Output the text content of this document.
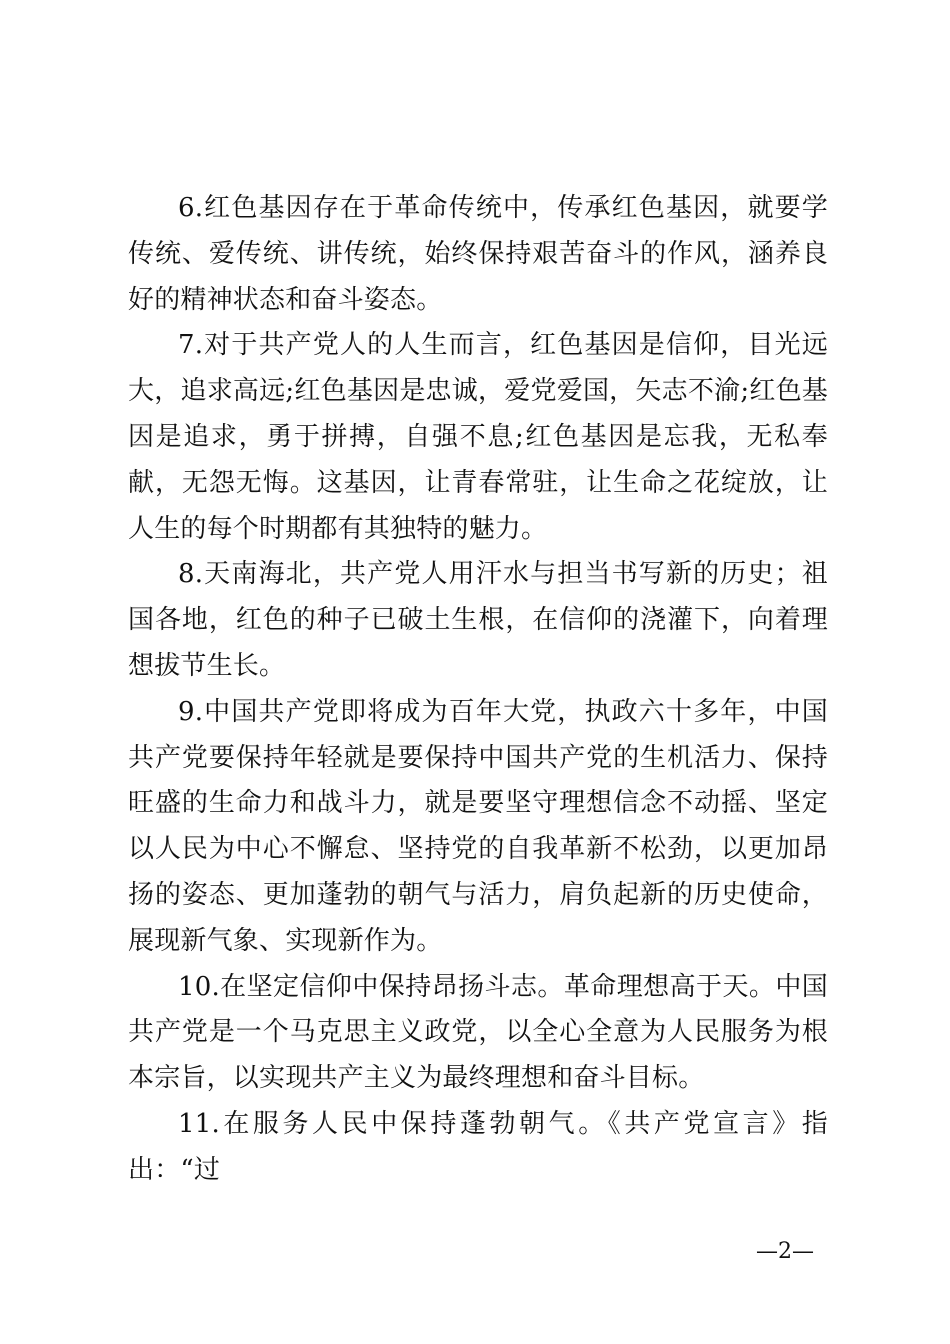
6.红色基因存在于革命传统中，传承红色基因，就要学传统、爱传统、讲传统，始终保持艰苦奋斗的作风，涵养良好的精神状态和奋斗姿态。

7.对于共产党人的人生而言，红色基因是信仰，目光远大，追求高远;红色基因是忠诚，爱党爱国，矢志不渝;红色基因是追求，勇于拼搏，自强不息;红色基因是忘我，无私奉献，无怨无悔。这基因，让青春常驻，让生命之花绽放，让人生的每个时期都有其独特的魅力。

8.天南海北，共产党人用汗水与担当书写新的历史；祖国各地，红色的种子已破土生根，在信仰的浇灌下，向着理想拔节生长。

9.中国共产党即将成为百年大党，执政六十多年，中国共产党要保持年轻就是要保持中国共产党的生机活力、保持旺盛的生命力和战斗力，就是要坚守理想信念不动摇、坚定以人民为中心不懈怠、坚持党的自我革新不松劲，以更加昂扬的姿态、更加蓬勃的朝气与活力，肩负起新的历史使命，展现新气象、实现新作为。

10.在坚定信仰中保持昂扬斗志。革命理想高于天。中国共产党是一个马克思主义政党，以全心全意为人民服务为根本宗旨，以实现共产主义为最终理想和奋斗目标。

11.在服务人民中保持蓬勃朝气。《共产党宣言》指出：“过

—2—
